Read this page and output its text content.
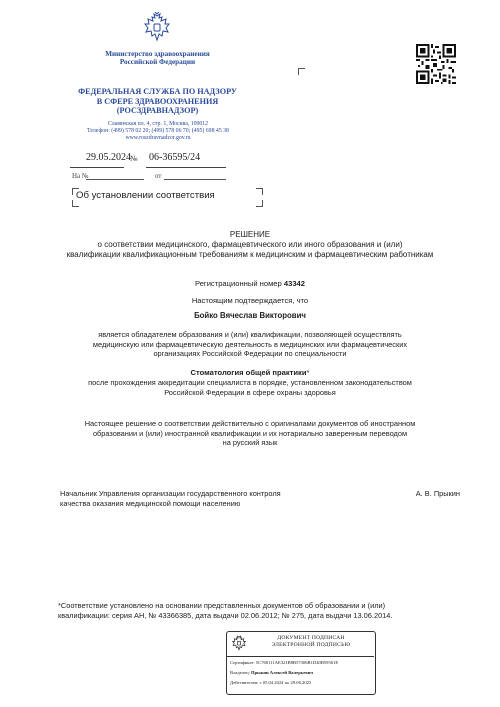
Министерство здравоохранения
Российской Федерации
ФЕДЕРАЛЬНАЯ СЛУЖБА ПО НАДЗОРУ
В СФЕРЕ ЗДРАВООХРАНЕНИЯ
(РОСЗДРАВНАДЗОР)
Славянская пл. 4, стр. 1, Москва, 109012
Телефон: (499) 578 02 20; (499) 578 06 70; (495) 698 45 38
www.roszdravnadzor.gov.ru
29.05.2024 № 06-36595/24
На №	от
Об установлении соответствия
РЕШЕНИЕ
о соответствии медицинского, фармацевтического или иного образования и (или)
квалификации квалификационным требованиям к медицинским и фармацевтическим работникам
Регистрационный номер 43342
Настоящим подтверждается, что
Бойко Вячеслав Викторович
является обладателем образования и (или) квалификации, позволяющей осуществлять
медицинскую или фармацевтическую деятельность в медицинских или фармацевтических
организациях Российской Федерации по специальности
Стоматология общей практики*
после прохождения аккредитации специалиста в порядке, установленном законодательством
Российской Федерации в сфере охраны здоровья
Настоящее решение о соответствии действительно с оригиналами документов об иностранном
образовании и (или) иностранной квалификации и их нотариально заверенным переводом
на русский язык
Начальник Управления организации государственного контроля
качества оказания медицинской помощи населению
А. В. Прыкин
*Соответствие установлено на основании представленных документов об образовании и (или)
квалификации: серия АН, № 43366385, дата выдачи 02.06.2012; № 275, дата выдачи 13.06.2014.
ДОКУМЕНТ ПОДПИСАН
ЭЛЕКТРОННОЙ ПОДПИСЬЮ
Сертификат: 5C768111AE321B8B57306B1D40B59561E
Владелец: Прыкин Алексей Валерьевич
Действителен: с 05.04.2024 по 29.06.2025
